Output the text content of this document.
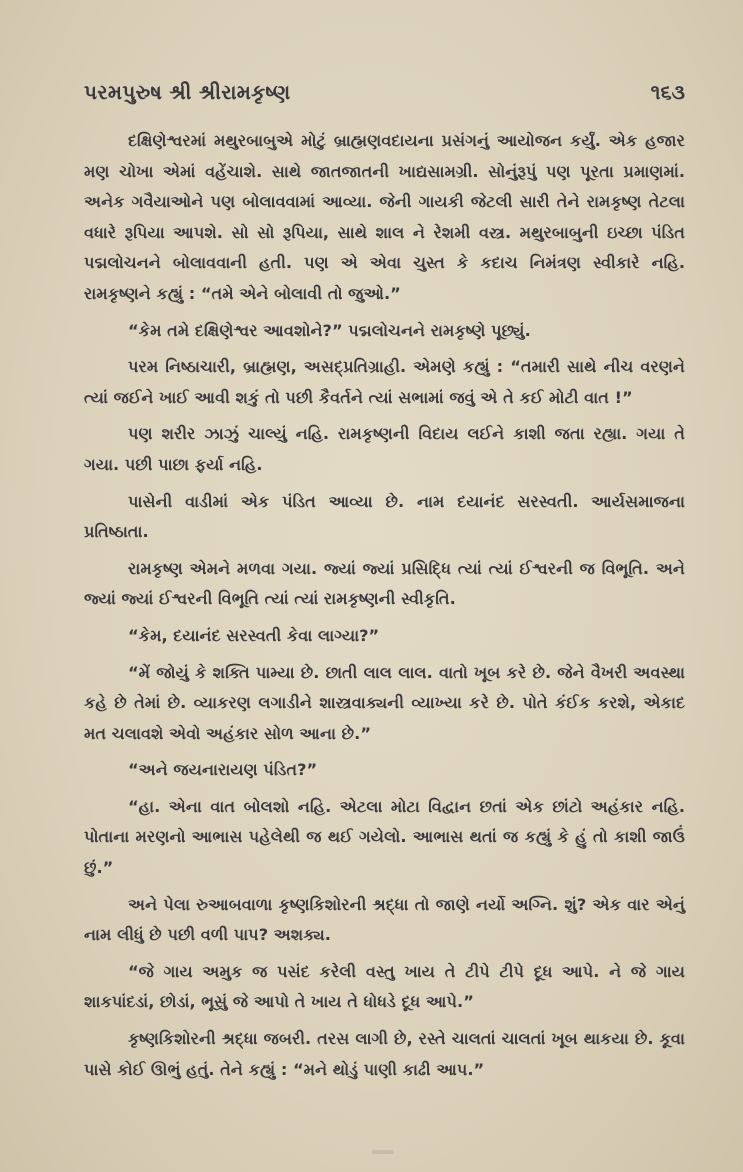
પરમપુરુષ શ્રી શ્રીરામકૃષ્ણ	૧૬૩

દક્ષિણેશ્વરમાં મથુરબાબુએ મોટું બ્રાહ્મણવદાયના પ્રસંગનું આયોજન કર્યું. એક હજાર મણ ચોખા એમાં વહેંચાશે. સાથે જાતજાતની ખાદ્યસામગ્રી. સોનુંરૂપું પણ પૂરતા પ્રમાણમાં. અનેક ગવૈયાઓને પણ બોલાવવામાં આવ્યા. જેની ગાયકી જેટલી સારી તેને રામકૃષ્ણ તેટલા વધારે રૂપિયા આપશે. સો સો રૂપિયા, સાથે શાલ ને રેશમી વસ્ત્ર. મથુરબાબુની ઇચ્છા પંડિત પદ્મલોચનને બોલાવવાની હતી. પણ એ એવા ચુસ્ત કે કદાચ નિમંત્રણ સ્વીકારે નહિ. રામકૃષ્ણને કહ્યું : “તમે એને બોલાવી તો જુઓ.”

“કેમ તમે દક્ષિણેશ્વર આવશોને?” પદ્મલોચનને રામકૃષ્ણે પૂછ્યું.

પરમ નિષ્ઠાચારી, બ્રાહ્મણ, અસદ્પ્રતિગ્રાહી. એમણે કહ્યું : “તમારી સાથે નીચ વરણને ત્યાં જઈને ખાઈ આવી શકું તો પછી કૈવર્તને ત્યાં સભામાં જવું એ તે કઈ મોટી વાત !”

પણ શરીર ઝાઝું ચાલ્યું નહિ. રામકૃષ્ણની વિદાય લઈને કાશી જતા રહ્યા. ગયા તે ગયા. પછી પાછા ફર્યા નહિ.

પાસેની વાડીમાં એક પંડિત આવ્યા છે. નામ દયાનંદ સરસ્વતી. આર્યસમાજના પ્રતિષ્ઠાતા.

રામકૃષ્ણ એમને મળવા ગયા. જ્યાં જ્યાં પ્રસિદ્ધિ ત્યાં ત્યાં ઈશ્વરની જ વિભૂતિ. અને જ્યાં જ્યાં ઈશ્વરની વિભૂતિ ત્યાં ત્યાં રામકૃષ્ણની સ્વીકૃતિ.

“કેમ, દયાનંદ સરસ્વતી કેવા લાગ્યા?”

“મેં જોયું કે શક્તિ પામ્યા છે. છાતી લાલ લાલ. વાતો ખૂબ કરે છે. જેને વૈખરી અવસ્થા કહે છે તેમાં છે. વ્યાકરણ લગાડીને શાસ્ત્રવાક્યની વ્યાખ્યા કરે છે. પોતે કંઈક કરશે, એકાદ મત ચલાવશે એવો અહંકાર સોળ આના છે.”

“અને જયનારાયણ પંડિત?”

“હા. એના વાત બોલશો નહિ. એટલા મોટા વિદ્વાન છતાં એક છાંટો અહંકાર નહિ. પોતાના મરણનો આભાસ પહેલેથી જ થઈ ગયેલો. આભાસ થતાં જ કહ્યું કે હું તો કાશી જાઉં છું.”

અને પેલા રુઆબવાળા કૃષ્ણકિશોરની શ્રદ્ધા તો જાણે નર્યો અગ્નિ. શું? એક વાર એનું નામ લીધું છે પછી વળી પાપ? અશક્ય.

“જે ગાય અમુક જ પસંદ કરેલી વસ્તુ ખાય તે ટીપે ટીપે દૂધ આપે. ને જે ગાય શાકપાંદડાં, છોડાં, ભૂસું જે આપો તે ખાય તે ધોધડે દૂધ આપે.”

કૃષ્ણકિશોરની શ્રદ્ધા જબરી. તરસ લાગી છે, રસ્તે ચાલતાં ચાલતાં ખૂબ થાકયા છે. કૂવા પાસે કોઈ ઊભું હતું. તેને કહ્યું : “મને થોડું પાણી કાઢી આપ.”
